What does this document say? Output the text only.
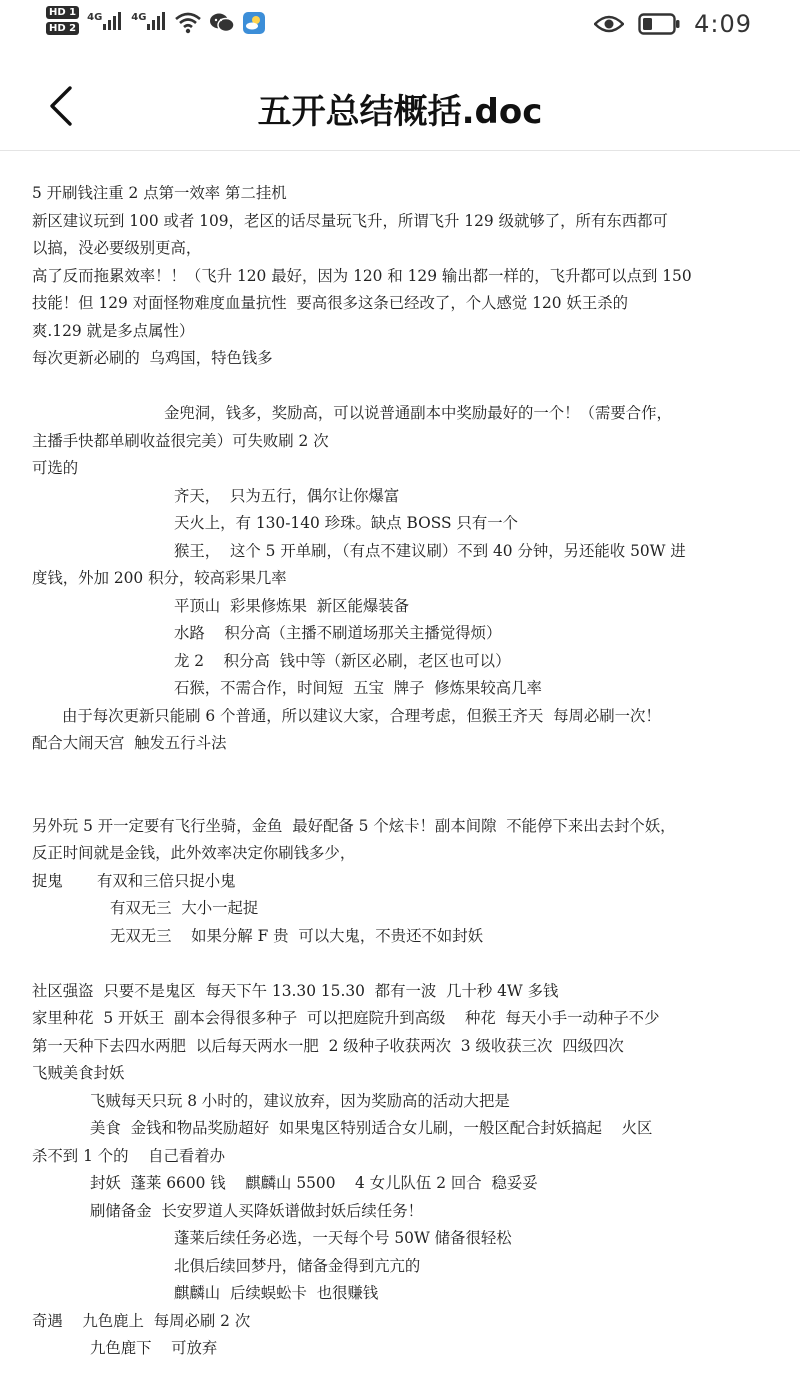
HD 1
HD 2
4G	4G	4:09
五开总结概括.doc

5 开刷钱注重 2 点第一效率 第二挂机

新区建议玩到 100 或者 109，老区的话尽量玩飞升，所谓飞升 129 级就够了，所有东西都可

以搞，没必要级别更高，

高了反而拖累效率！！（飞升 120 最好，因为 120 和 129 输出都一样的，飞升都可以点到 150

技能！但 129 对面怪物难度血量抗性  要高很多这条已经改了，个人感觉 120 妖王杀的

爽.129 就是多点属性）

每次更新必刷的  乌鸡国，特色钱多

金兜洞，钱多，奖励高，可以说普通副本中奖励最好的一个！（需要合作，

主播手快都单刷收益很完美）可失败刷 2 次

可选的

齐天，  只为五行，偶尔让你爆富

天火上，有 130-140 珍珠。缺点 BOSS 只有一个

猴王，  这个 5 开单刷，（有点不建议刷）不到 40 分钟，另还能收 50W 进

度钱，外加 200 积分，较高彩果几率

平顶山  彩果修炼果  新区能爆装备

水路    积分高（主播不刷道场那关主播觉得烦）

龙 2    积分高  钱中等（新区必刷，老区也可以）

石猴，不需合作，时间短  五宝  牌子  修炼果较高几率

由于每次更新只能刷 6 个普通，所以建议大家，合理考虑，但猴王齐天  每周必刷一次！

配合大闹天宫  触发五行斗法

另外玩 5 开一定要有飞行坐骑，金鱼  最好配备 5 个炫卡！副本间隙  不能停下来出去封个妖，

反正时间就是金钱，此外效率决定你刷钱多少，

捉鬼       有双和三倍只捉小鬼

有双无三  大小一起捉

无双无三    如果分解 F 贵  可以大鬼，不贵还不如封妖

社区强盗  只要不是鬼区  每天下午 13.30 15.30  都有一波  几十秒 4W 多钱

家里种花  5 开妖王  副本会得很多种子  可以把庭院升到高级    种花  每天小手一动种子不少

第一天种下去四水两肥  以后每天两水一肥  2 级种子收获两次  3 级收获三次  四级四次

飞贼美食封妖

飞贼每天只玩 8 小时的，建议放弃，因为奖励高的活动大把是

美食  金钱和物品奖励超好  如果鬼区特别适合女儿刷，一般区配合封妖搞起    火区

杀不到 1 个的    自己看着办

封妖  蓬莱 6600 钱    麒麟山 5500    4 女儿队伍 2 回合  稳妥妥

刷储备金  长安罗道人买降妖谱做封妖后续任务！

蓬莱后续任务必选，一天每个号 50W 储备很轻松

北俱后续回梦丹，储备金得到亢亢的

麒麟山  后续蜈蚣卡  也很赚钱

奇遇    九色鹿上  每周必刷 2 次

九色鹿下    可放弃
